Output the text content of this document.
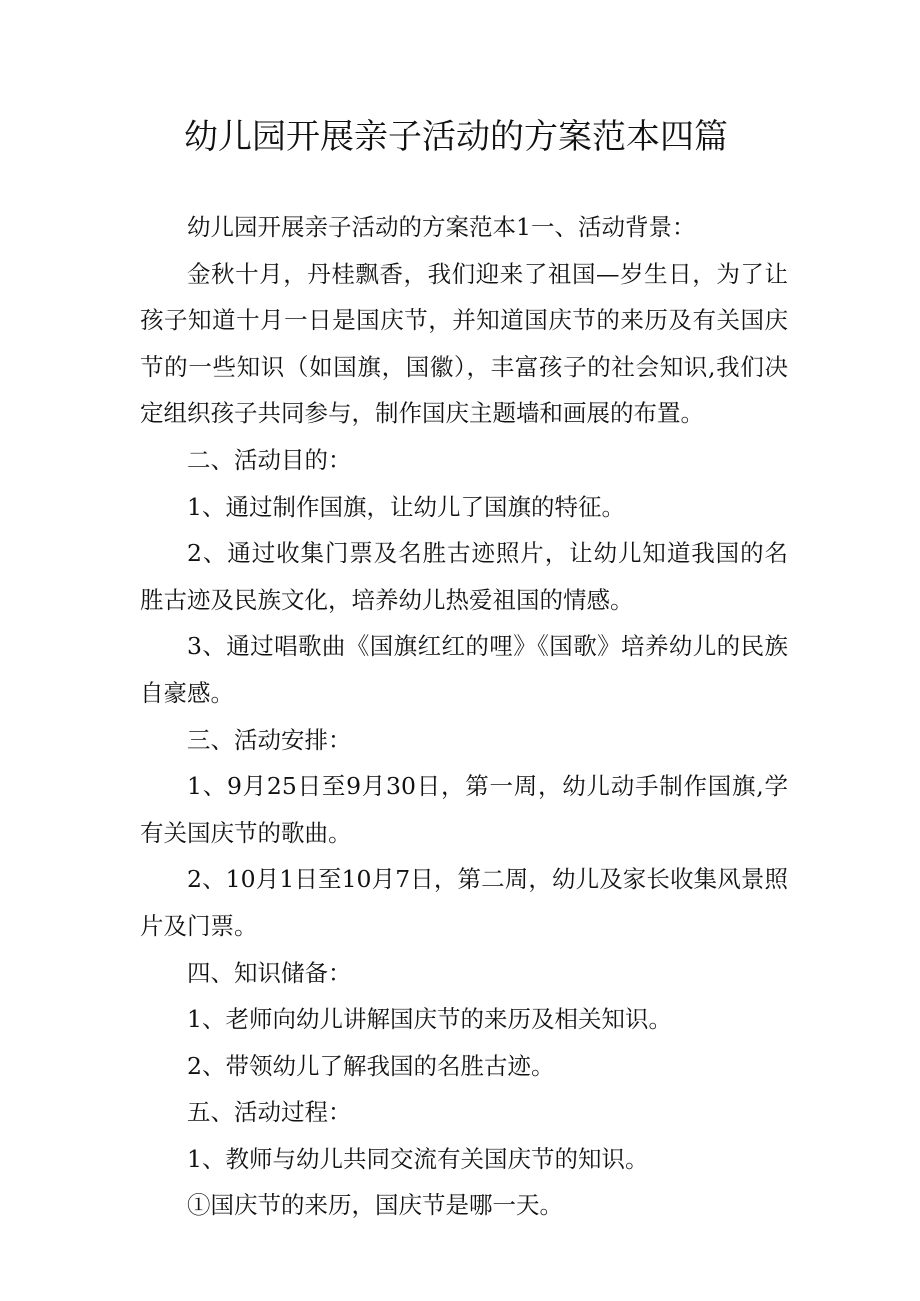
幼儿园开展亲子活动的方案范本四篇

幼儿园开展亲子活动的方案范本1一、活动背景：

金秋十月，丹桂飘香，我们迎来了祖国—岁生日，为了让孩子知道十月一日是国庆节，并知道国庆节的来历及有关国庆节的一些知识（如国旗，国徽），丰富孩子的社会知识,我们决定组织孩子共同参与，制作国庆主题墙和画展的布置。

二、活动目的：

1、通过制作国旗，让幼儿了国旗的特征。

2、通过收集门票及名胜古迹照片，让幼儿知道我国的名胜古迹及民族文化，培养幼儿热爱祖国的情感。

3、通过唱歌曲《国旗红红的哩》《国歌》培养幼儿的民族自豪感。

三、活动安排：

1、9月25日至9月30日，第一周，幼儿动手制作国旗,学有关国庆节的歌曲。

2、10月1日至10月7日，第二周，幼儿及家长收集风景照片及门票。

四、知识储备：

1、老师向幼儿讲解国庆节的来历及相关知识。

2、带领幼儿了解我国的名胜古迹。

五、活动过程：

1、教师与幼儿共同交流有关国庆节的知识。

①国庆节的来历，国庆节是哪一天。
